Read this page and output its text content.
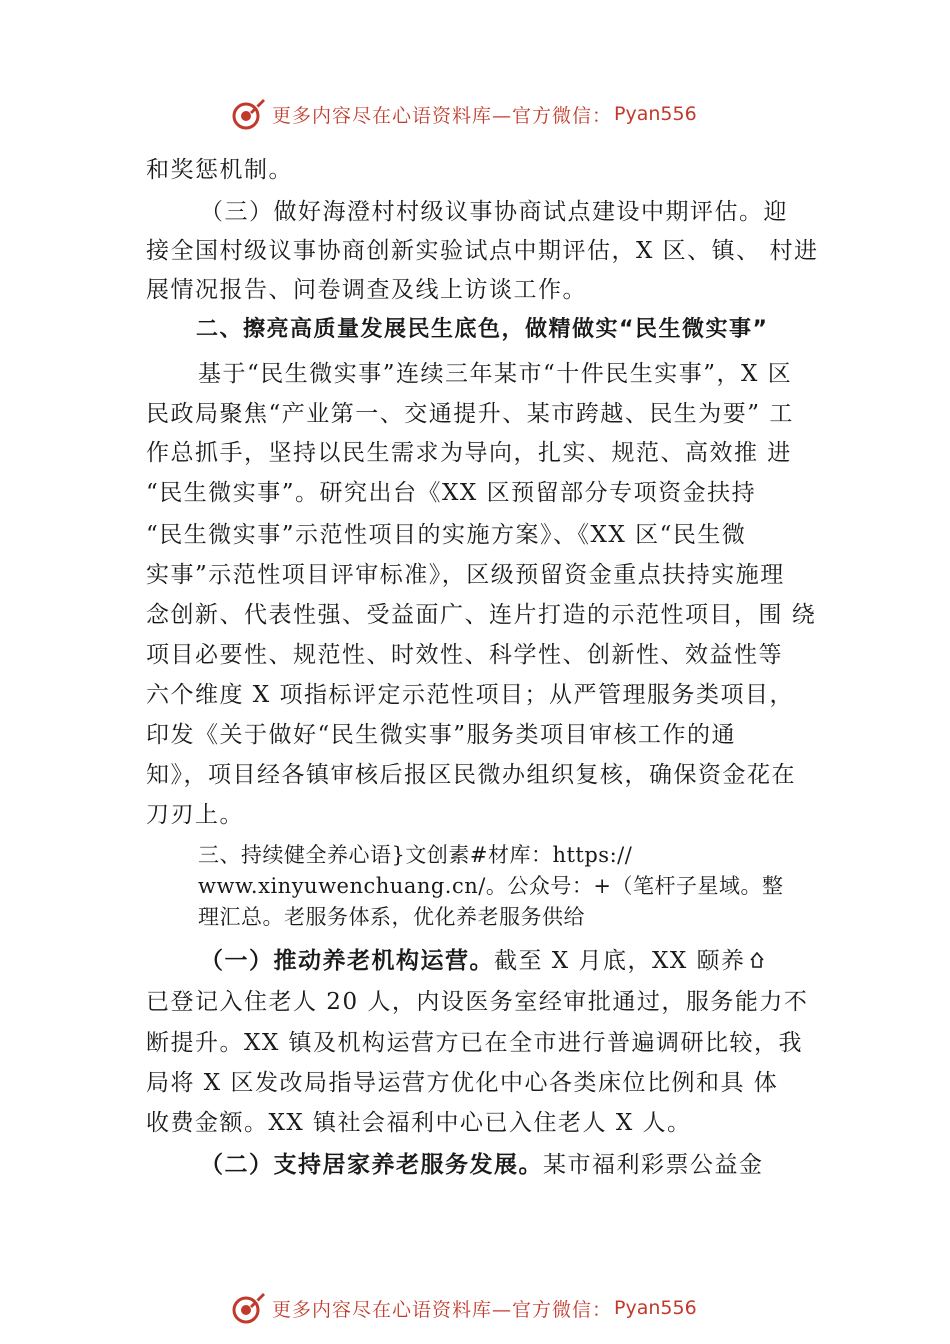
更多内容尽在心语资料库—官方微信： Pyan556
和奖惩机制。
（三）做好海澄村村级议事协商试点建设中期评估。迎
接全国村级议事协商创新实验试点中期评估，X 区、镇、 村进
展情况报告、问卷调查及线上访谈工作。
二、擦亮高质量发展民生底色，做精做实“民生微实事”
基于“民生微实事”连续三年某市“十件民生实事”，X 区
民政局聚焦“产业第一、交通提升、某市跨越、民生为要” 工
作总抓手，坚持以民生需求为导向，扎实、规范、高效推 进
“民生微实事”。研究出台《XX 区预留部分专项资金扶持
“民生微实事”示范性项目的实施方案》、《XX 区“民生微
实事”示范性项目评审标准》，区级预留资金重点扶持实施理
念创新、代表性强、受益面广、连片打造的示范性项目，围 绕
项目必要性、规范性、时效性、科学性、创新性、效益性等
六个维度 X 项指标评定示范性项目；从严管理服务类项目，
印发《关于做好“民生微实事”服务类项目审核工作的通
知》，项目经各镇审核后报区民微办组织复核，确保资金花在
刀刃上。
三、持续健全养心语}文创素#材库：https://
www.xinyuwenchuang.cn/。公众号：+（笔杆子星域。整
理汇总。老服务体系，优化养老服务供给
（一）推动养老机构运营。截至 X 月底，XX 颐养
已登记入住老人 20 人，内设医务室经审批通过，服务能力不
断提升。XX 镇及机构运营方已在全市进行普遍调研比较，我
局将 X 区发改局指导运营方优化中心各类床位比例和具 体
收费金额。XX 镇社会福利中心已入住老人 X 人。
（二）支持居家养老服务发展。某市福利彩票公益金
更多内容尽在心语资料库—官方微信： Pyan556
